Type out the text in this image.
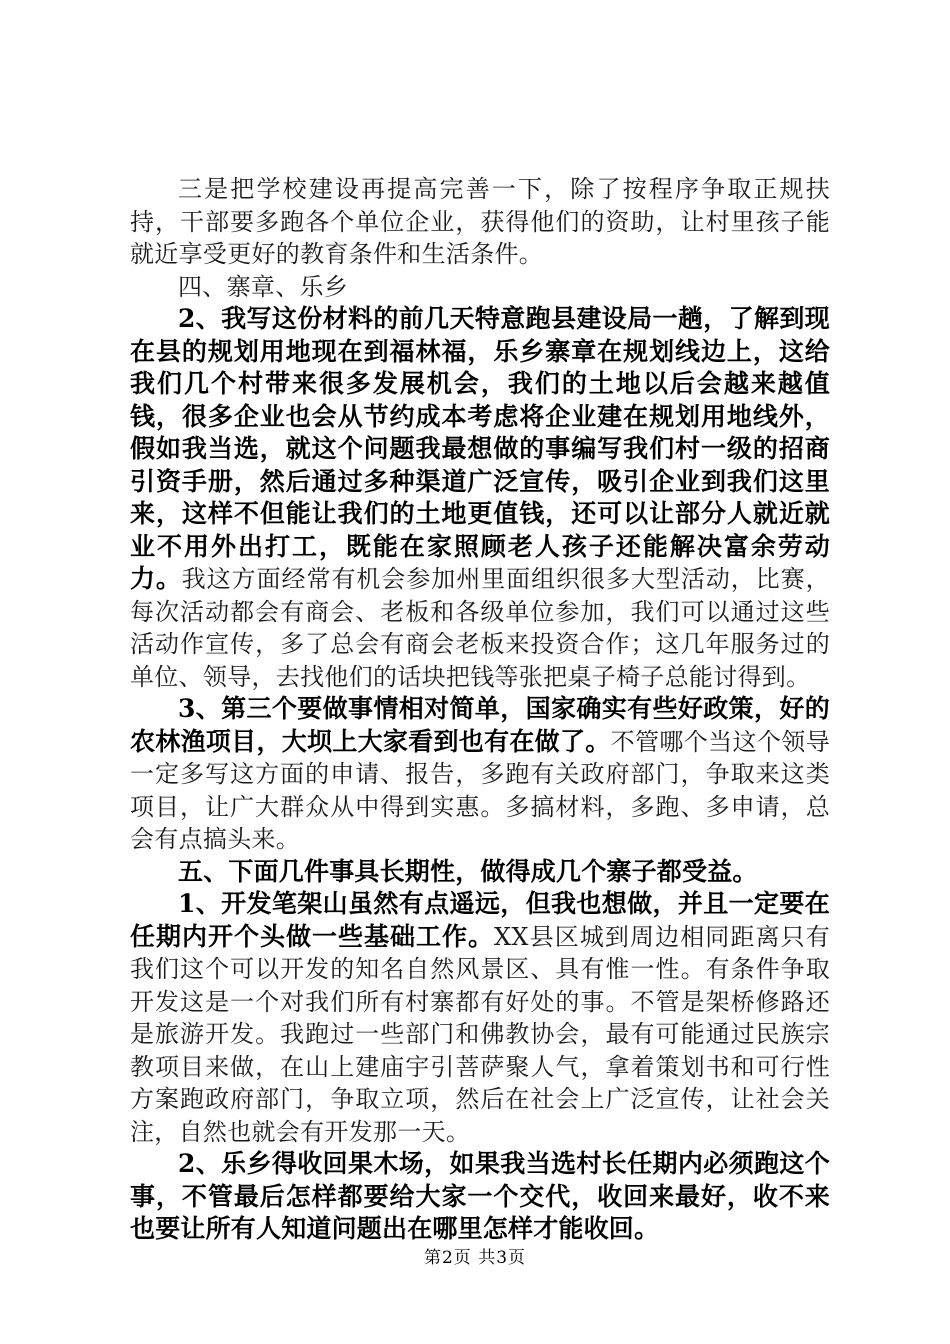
三是把学校建设再提高完善一下，除了按程序争取正规扶持，干部要多跑各个单位企业，获得他们的资助，让村里孩子能就近享受更好的教育条件和生活条件。

四、寨章、乐乡

2、我写这份材料的前几天特意跑县建设局一趟，了解到现在县的规划用地现在到福林福，乐乡寨章在规划线边上，这给我们几个村带来很多发展机会，我们的土地以后会越来越值钱，很多企业也会从节约成本考虑将企业建在规划用地线外，假如我当选，就这个问题我最想做的事编写我们村一级的招商引资手册，然后通过多种渠道广泛宣传，吸引企业到我们这里来，这样不但能让我们的土地更值钱，还可以让部分人就近就业不用外出打工，既能在家照顾老人孩子还能解决富余劳动力。我这方面经常有机会参加州里面组织很多大型活动，比赛，每次活动都会有商会、老板和各级单位参加，我们可以通过这些活动作宣传，多了总会有商会老板来投资合作；这几年服务过的单位、领导，去找他们的话块把钱等张把桌子椅子总能讨得到。

3、第三个要做事情相对简单，国家确实有些好政策，好的农林渔项目，大坝上大家看到也有在做了。不管哪个当这个领导一定多写这方面的申请、报告，多跑有关政府部门，争取来这类项目，让广大群众从中得到实惠。多搞材料，多跑、多申请，总会有点搞头来。

五、下面几件事具长期性，做得成几个寨子都受益。

1、开发笔架山虽然有点遥远，但我也想做，并且一定要在任期内开个头做一些基础工作。XX县区城到周边相同距离只有我们这个可以开发的知名自然风景区、具有惟一性。有条件争取开发这是一个对我们所有村寨都有好处的事。不管是架桥修路还是旅游开发。我跑过一些部门和佛教协会，最有可能通过民族宗教项目来做，在山上建庙宇引菩萨聚人气，拿着策划书和可行性方案跑政府部门，争取立项，然后在社会上广泛宣传，让社会关注，自然也就会有开发那一天。

2、乐乡得收回果木场，如果我当选村长任期内必须跑这个事，不管最后怎样都要给大家一个交代，收回来最好，收不来也要让所有人知道问题出在哪里怎样才能收回。

第2页 共3页
